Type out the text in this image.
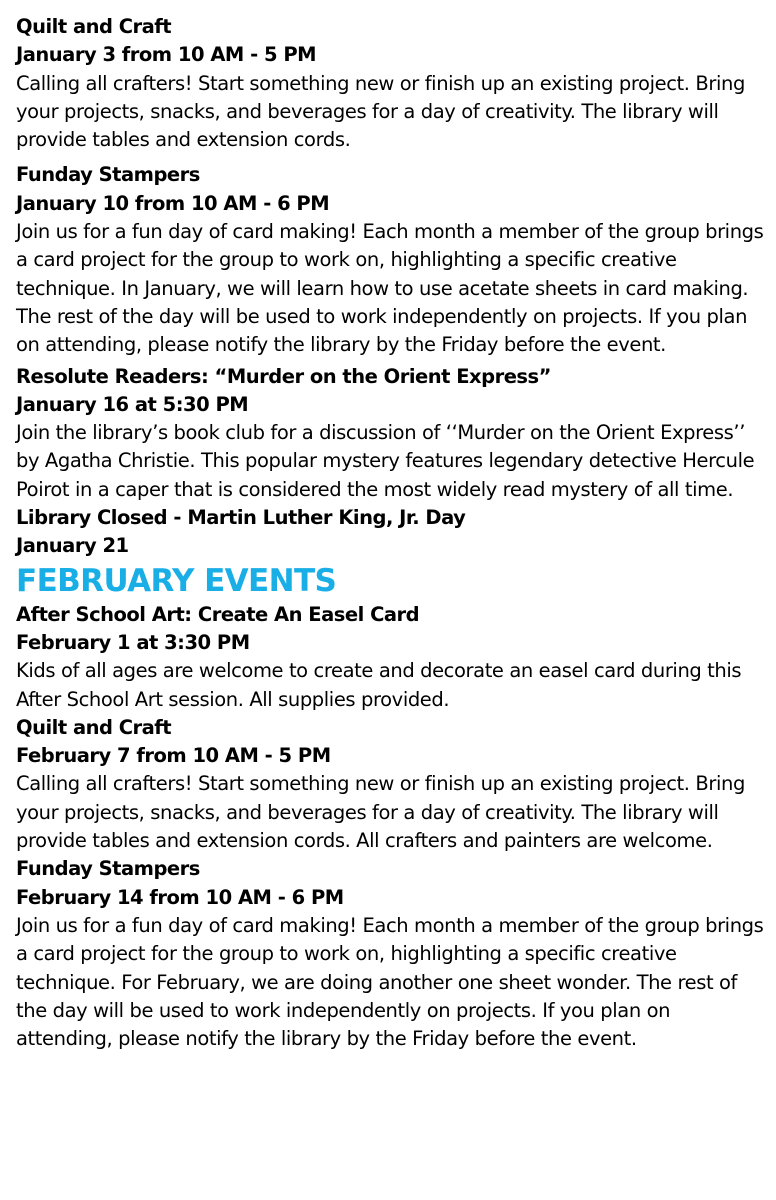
Quilt and Craft
January 3 from 10 AM - 5 PM
Calling all crafters! Start something new or finish up an existing project. Bring your projects, snacks, and beverages for a day of creativity. The library will provide tables and extension cords.
Funday Stampers
January 10 from 10 AM - 6 PM
Join us for a fun day of card making! Each month a member of the group brings a card project for the group to work on, highlighting a specific creative technique. In January, we will learn how to use acetate sheets in card making. The rest of the day will be used to work independently on projects. If you plan on attending, please notify the library by the Friday before the event.
Resolute Readers: “Murder on the Orient Express”
January 16 at 5:30 PM
Join the library’s book club for a discussion of ‘‘Murder on the Orient Express’’ by Agatha Christie. This popular mystery features legendary detective Hercule Poirot in a caper that is considered the most widely read mystery of all time.
Library Closed - Martin Luther King, Jr. Day
January 21
FEBRUARY EVENTS
After School Art: Create An Easel Card
February 1 at 3:30 PM
Kids of all ages are welcome to create and decorate an easel card during this After School Art session. All supplies provided.
Quilt and Craft
February 7 from 10 AM - 5 PM
Calling all crafters! Start something new or finish up an existing project. Bring your projects, snacks, and beverages for a day of creativity. The library will provide tables and extension cords. All crafters and painters are welcome.
Funday Stampers
February 14 from 10 AM - 6 PM
Join us for a fun day of card making! Each month a member of the group brings a card project for the group to work on, highlighting a specific creative technique. For February, we are doing another one sheet wonder. The rest of the day will be used to work independently on projects. If you plan on attending, please notify the library by the Friday before the event.
